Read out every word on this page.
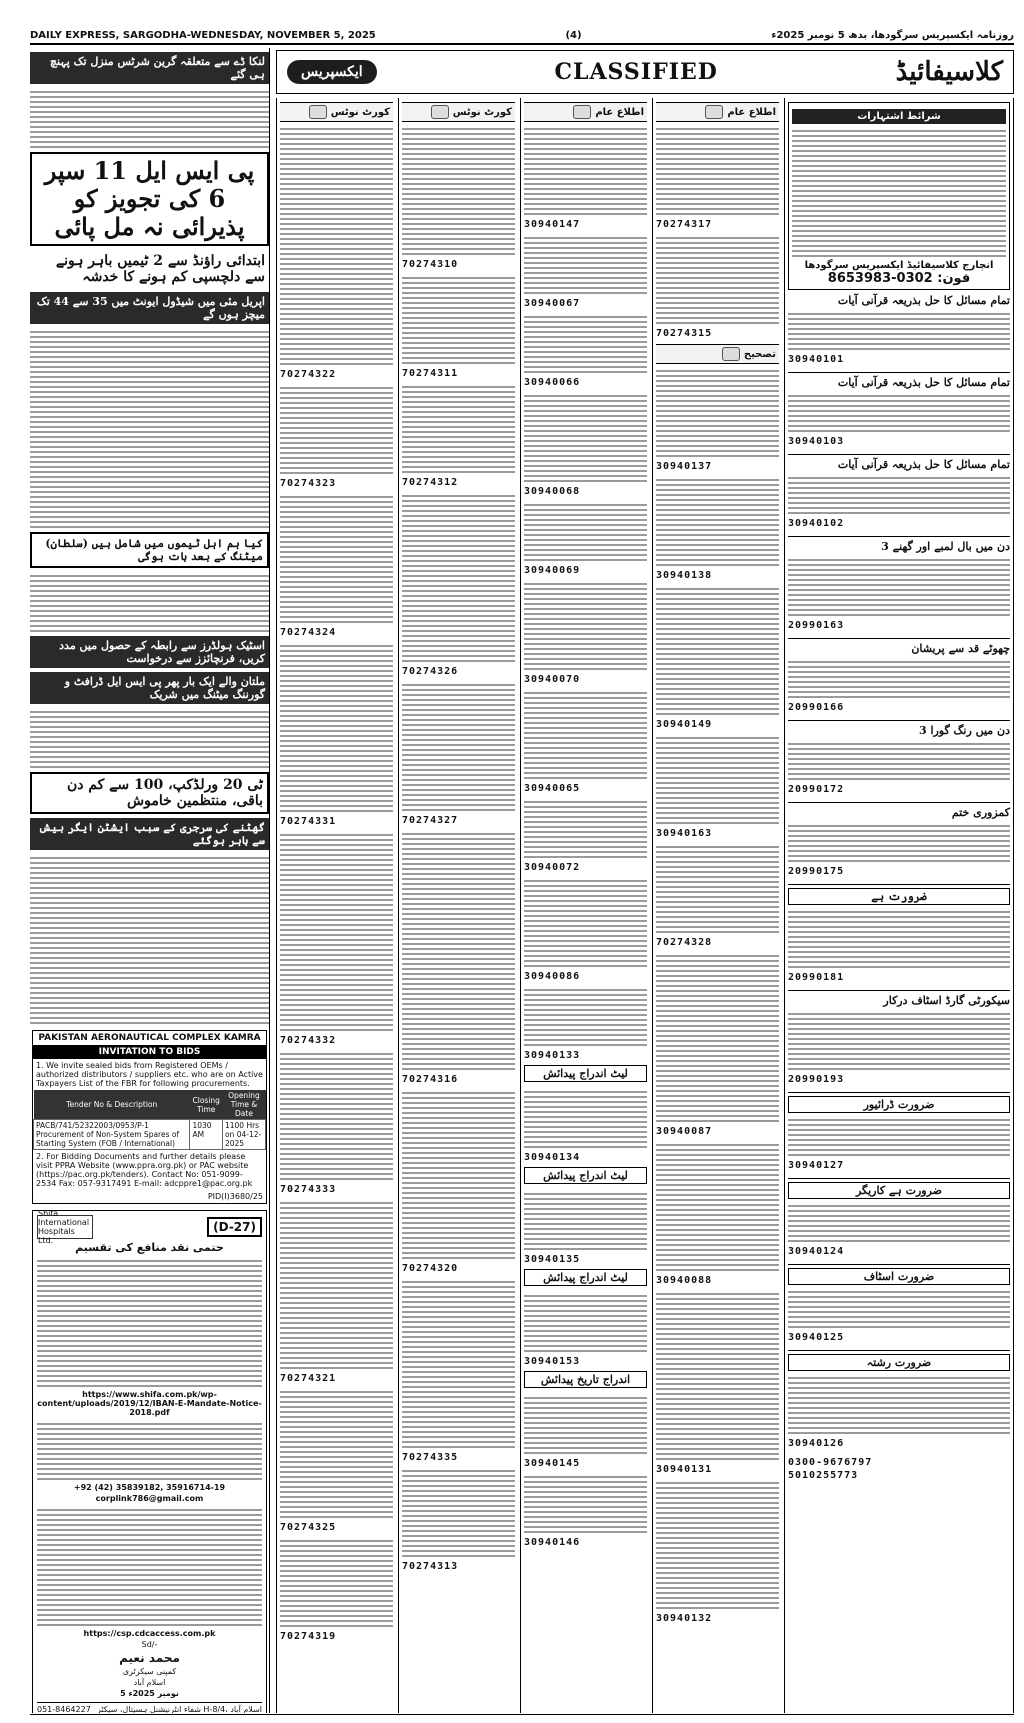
DAILY EXPRESS, SARGODHA-WEDNESDAY, NOVEMBER 5, 2025	(4)	روزنامہ ایکسپریس سرگودھا، بدھ 5 نومبر 2025ء
لنکا ڈے سے متعلقہ گرین شرٹس منزل تک پہنچ ہی گئے
پی ایس ایل 11 سپر 6 کی تجویز کو پذیرائی نہ مل پائی
ابتدائی راؤنڈ سے 2 ٹیمیں باہر ہونے سے دلچسپی کم ہونے کا خدشہ
اپریل مئی میں شیڈول ایونٹ میں 35 سے 44 تک میچز ہوں گے
کیا ہم اہل ٹیموں میں شامل ہیں (سلطان) میٹنگ کے بعد بات ہوگی
اسٹیک ہولڈرز سے رابطہ کے حصول میں مدد کریں، فرنچائزز سے درخواست
ملتان والے ایک بار پھر پی ایس ایل ڈرافٹ و گورننگ میٹنگ میں شریک
ٹی 20 ورلڈکپ، 100 سے کم دن باقی، منتظمین خاموش
گھٹنے کی سرجری کے سبب ایشٹن ایگر بیش سے باہر ہوگئے
PAKISTAN AERONAUTICAL COMPLEX KAMRA
INVITATION TO BIDS
1. We invite sealed bids from Registered OEMs / authorized distributors / suppliers etc. who are on Active Taxpayers List of the FBR for following procurements.
Tender No & Description	Closing Time	Opening Time & Date
PACB/741/52322003/0953/P-1 Procurement of Non-System Spares of Starting System (FOB / International)	1030 AM	1100 Hrs on 04-12-2025
2. For Bidding Documents and further details please visit PPRA Website (www.ppra.org.pk) or PAC website (https://pac.org.pk/tenders). Contact No: 051-9099-2534 Fax: 057-9317491 E-mail: adcppre1@pac.org.pk
PID(I)3680/25
Shifa International Hospitals Ltd.
(D-27)
حتمی نقد منافع کی تقسیم
https://www.shifa.com.pk/wp-content/uploads/2019/12/IBAN-E-Mandate-Notice-2018.pdf
+92 (42) 35839182, 35916714-19
corplink786@gmail.com
https://csp.cdcaccess.com.pk
Sd/-
محمد نعیم
کمپنی سیکرٹری
اسلام آباد
5 نومبر 2025ء
051-8464227 شفاء انٹرنیشنل ہسپتال، سیکٹر H-8/4، اسلام آباد
ایکسپریس	CLASSIFIED	کلاسیفائیڈ
کورٹ نوٹس
70274322
70274323
70274324
70274331
70274332
70274333
70274321
70274325
70274319
کورٹ نوٹس
70274310
70274311
70274312
70274326
70274327
70274316
70274320
70274335
70274313
اطلاع عام
30940147
30940067
30940066
30940068
30940069
30940070
30940065
30940072
30940086
30940133
لیٹ اندراج پیدائش
30940134
لیٹ اندراج پیدائش
30940135
لیٹ اندراج پیدائش
30940153
اندراج تاریخ پیدائش
30940145
30940146
اطلاع عام
70274317
70274315
تصحیح
30940137
30940138
30940149
30940163
70274328
30940087
30940088
30940131
30940132
شرائط اشتہارات
انچارج کلاسیفائیڈ ایکسپریس سرگودھا
فون: 0302-8653983
تمام مسائل کا حل بذریعہ قرآنی آیات
30940101
تمام مسائل کا حل بذریعہ قرآنی آیات
30940103
تمام مسائل کا حل بذریعہ قرآنی آیات
30940102
3 دن میں بال لمبے اور گھنے
20990163
چھوٹے قد سے پریشان
20990166
3 دن میں رنگ گورا
20990172
کمزوری ختم
20990175
ضرورت ہے
20990181
سیکورٹی گارڈ اسٹاف درکار
20990193
ضرورت ڈرائیور
30940127
ضرورت ہے کاریگر
30940124
ضرورت اسٹاف
30940125
ضرورت رشتہ
30940126
0300-9676797
5010255773
